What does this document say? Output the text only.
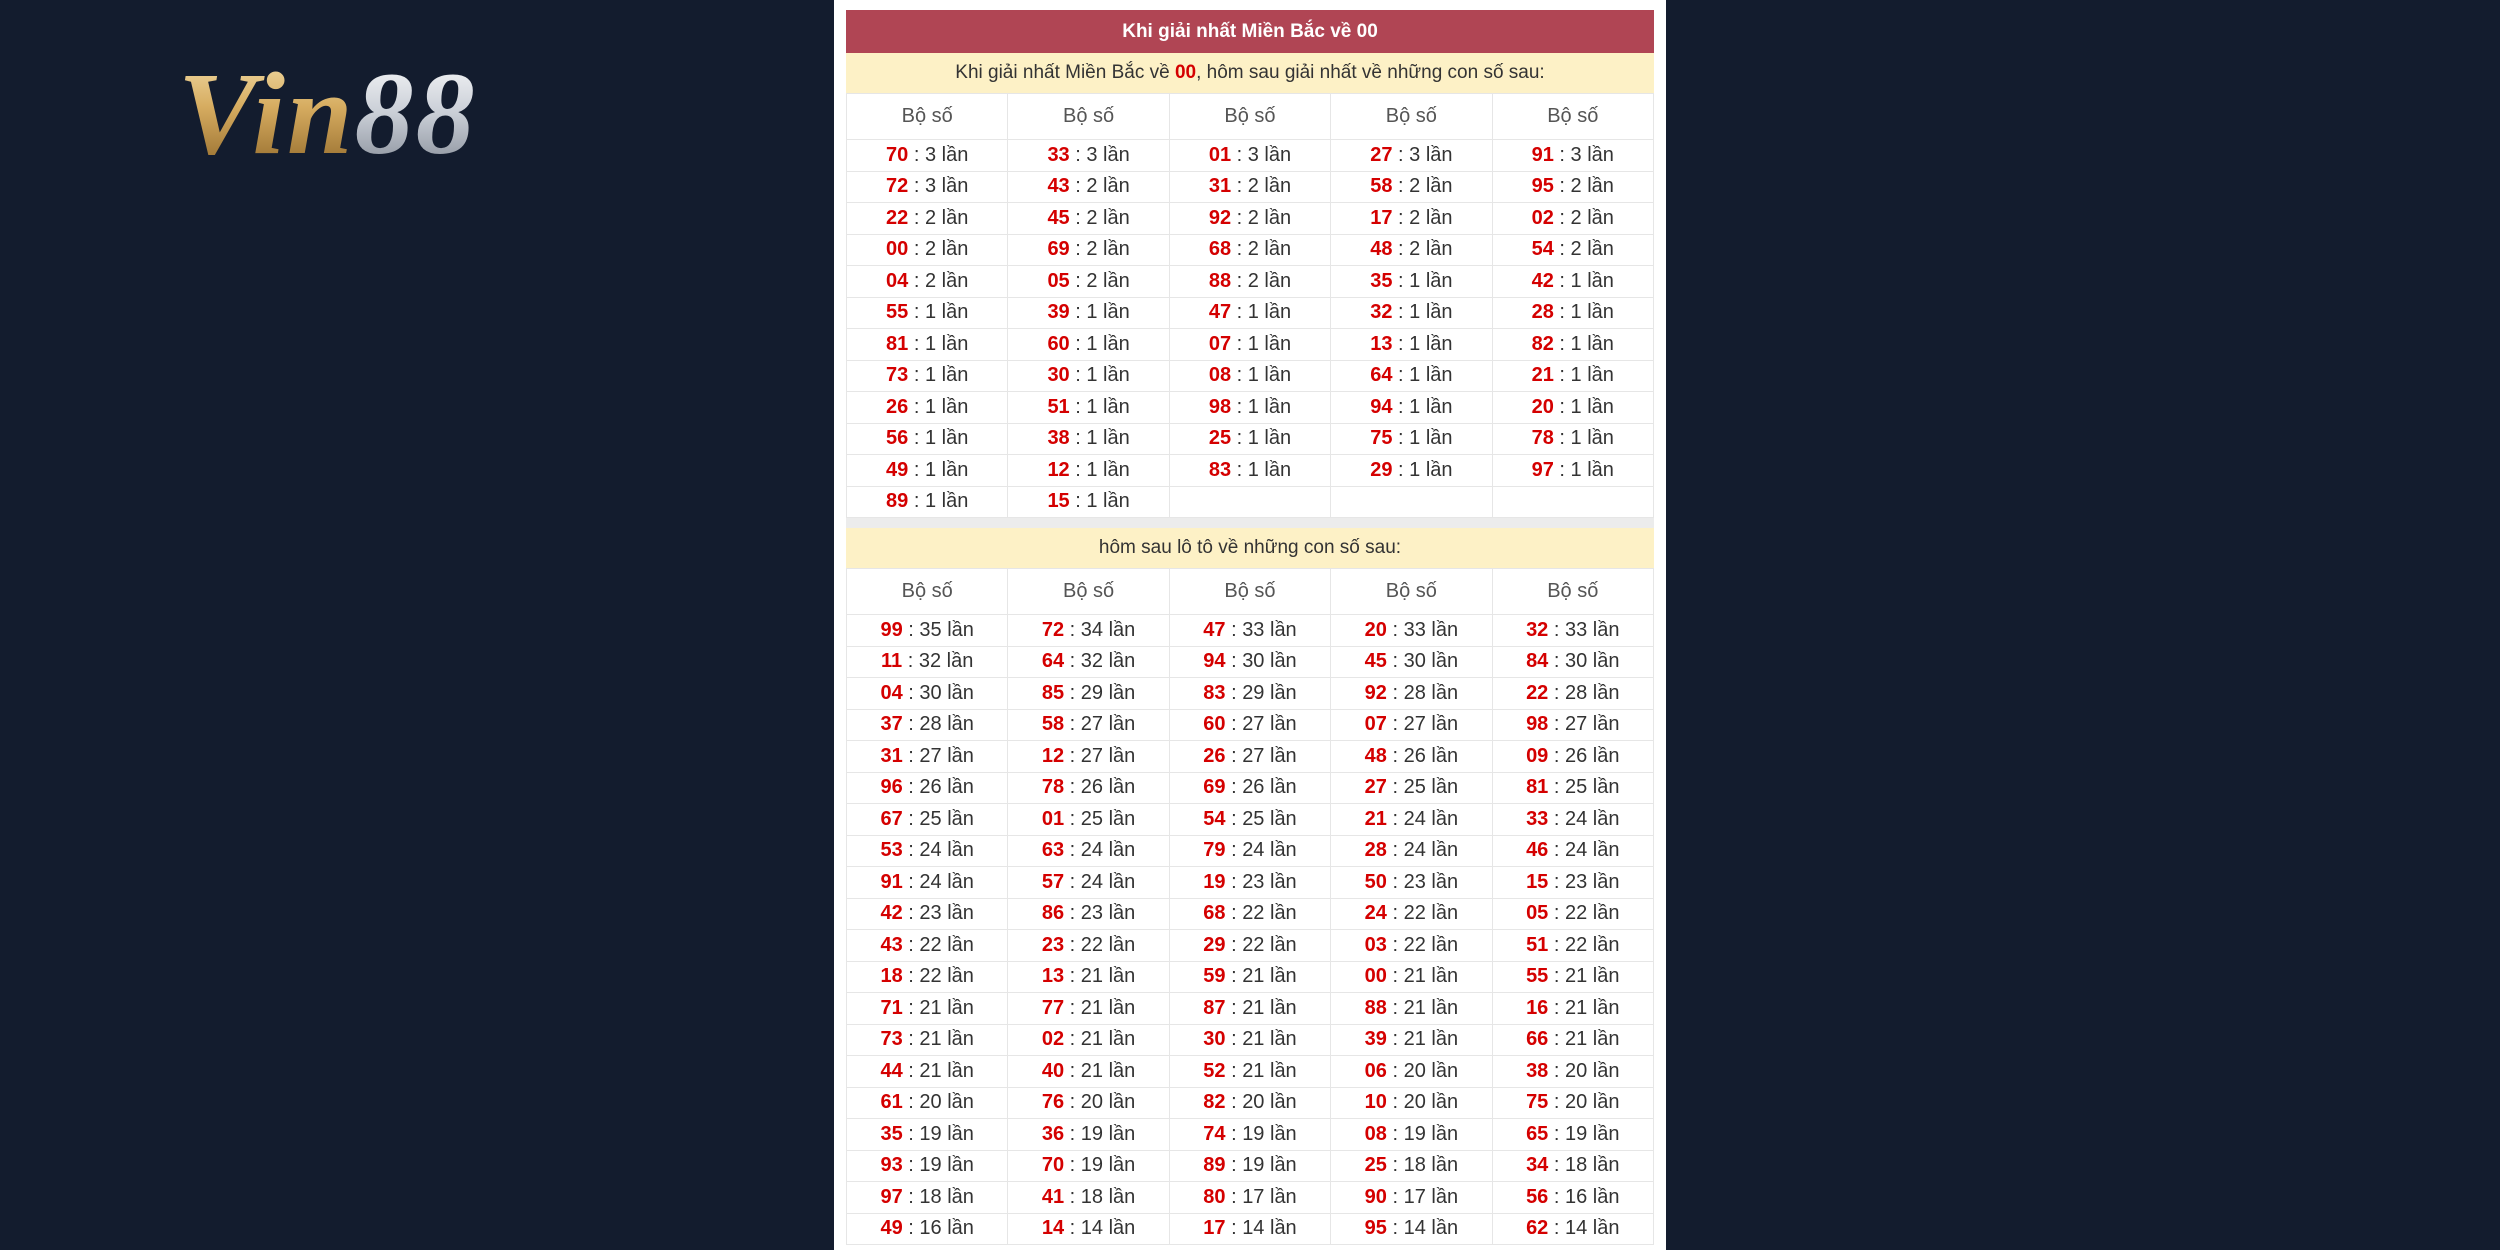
Vin88
Khi giải nhất Miền Bắc về 00
Khi giải nhất Miền Bắc về 00, hôm sau giải nhất về những con số sau:
Bộ số	Bộ số	Bộ số	Bộ số	Bộ số
70 : 3 lần	33 : 3 lần	01 : 3 lần	27 : 3 lần	91 : 3 lần
72 : 3 lần	43 : 2 lần	31 : 2 lần	58 : 2 lần	95 : 2 lần
22 : 2 lần	45 : 2 lần	92 : 2 lần	17 : 2 lần	02 : 2 lần
00 : 2 lần	69 : 2 lần	68 : 2 lần	48 : 2 lần	54 : 2 lần
04 : 2 lần	05 : 2 lần	88 : 2 lần	35 : 1 lần	42 : 1 lần
55 : 1 lần	39 : 1 lần	47 : 1 lần	32 : 1 lần	28 : 1 lần
81 : 1 lần	60 : 1 lần	07 : 1 lần	13 : 1 lần	82 : 1 lần
73 : 1 lần	30 : 1 lần	08 : 1 lần	64 : 1 lần	21 : 1 lần
26 : 1 lần	51 : 1 lần	98 : 1 lần	94 : 1 lần	20 : 1 lần
56 : 1 lần	38 : 1 lần	25 : 1 lần	75 : 1 lần	78 : 1 lần
49 : 1 lần	12 : 1 lần	83 : 1 lần	29 : 1 lần	97 : 1 lần
89 : 1 lần	15 : 1 lần			
hôm sau lô tô về những con số sau:
Bộ số	Bộ số	Bộ số	Bộ số	Bộ số
99 : 35 lần	72 : 34 lần	47 : 33 lần	20 : 33 lần	32 : 33 lần
11 : 32 lần	64 : 32 lần	94 : 30 lần	45 : 30 lần	84 : 30 lần
04 : 30 lần	85 : 29 lần	83 : 29 lần	92 : 28 lần	22 : 28 lần
37 : 28 lần	58 : 27 lần	60 : 27 lần	07 : 27 lần	98 : 27 lần
31 : 27 lần	12 : 27 lần	26 : 27 lần	48 : 26 lần	09 : 26 lần
96 : 26 lần	78 : 26 lần	69 : 26 lần	27 : 25 lần	81 : 25 lần
67 : 25 lần	01 : 25 lần	54 : 25 lần	21 : 24 lần	33 : 24 lần
53 : 24 lần	63 : 24 lần	79 : 24 lần	28 : 24 lần	46 : 24 lần
91 : 24 lần	57 : 24 lần	19 : 23 lần	50 : 23 lần	15 : 23 lần
42 : 23 lần	86 : 23 lần	68 : 22 lần	24 : 22 lần	05 : 22 lần
43 : 22 lần	23 : 22 lần	29 : 22 lần	03 : 22 lần	51 : 22 lần
18 : 22 lần	13 : 21 lần	59 : 21 lần	00 : 21 lần	55 : 21 lần
71 : 21 lần	77 : 21 lần	87 : 21 lần	88 : 21 lần	16 : 21 lần
73 : 21 lần	02 : 21 lần	30 : 21 lần	39 : 21 lần	66 : 21 lần
44 : 21 lần	40 : 21 lần	52 : 21 lần	06 : 20 lần	38 : 20 lần
61 : 20 lần	76 : 20 lần	82 : 20 lần	10 : 20 lần	75 : 20 lần
35 : 19 lần	36 : 19 lần	74 : 19 lần	08 : 19 lần	65 : 19 lần
93 : 19 lần	70 : 19 lần	89 : 19 lần	25 : 18 lần	34 : 18 lần
97 : 18 lần	41 : 18 lần	80 : 17 lần	90 : 17 lần	56 : 16 lần
49 : 16 lần	14 : 14 lần	17 : 14 lần	95 : 14 lần	62 : 14 lần
